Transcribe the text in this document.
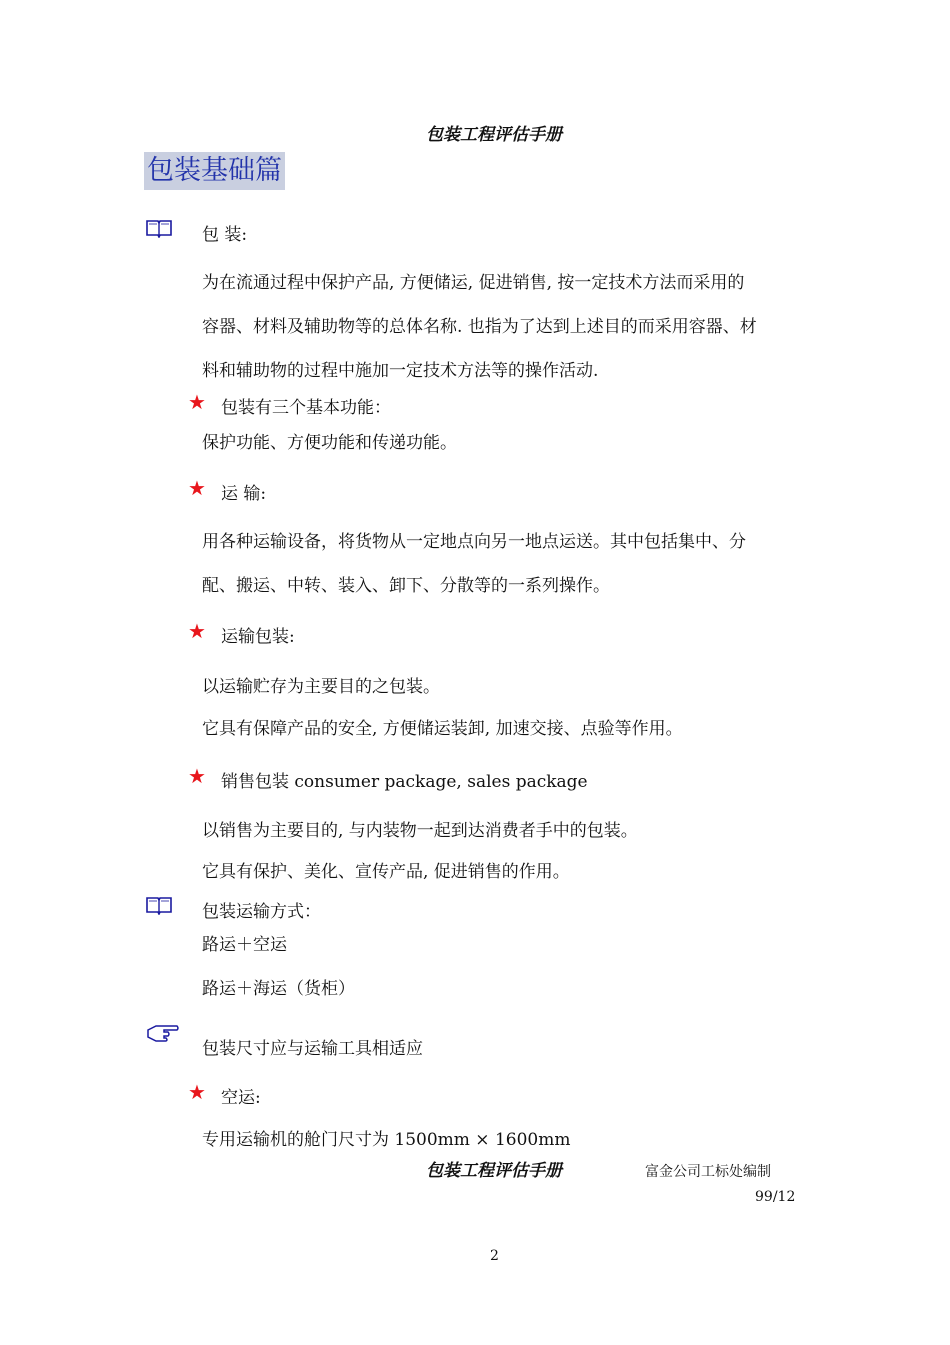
包装工程评估手册
包装基础篇
包 装:
为在流通过程中保护产品, 方便储运, 促进销售, 按一定技术方法而采用的
容器、材料及辅助物等的总体名称. 也指为了达到上述目的而采用容器、材
料和辅助物的过程中施加一定技术方法等的操作活动.
★ 包装有三个基本功能：
保护功能、方便功能和传递功能。
★ 运 输:
用各种运输设备，将货物从一定地点向另一地点运送。其中包括集中、分
配、搬运、中转、装入、卸下、分散等的一系列操作。
★ 运输包装:
以运输贮存为主要目的之包装。
它具有保障产品的安全, 方便储运装卸, 加速交接、点验等作用。
★ 销售包装 consumer package, sales package
以销售为主要目的, 与内装物一起到达消费者手中的包装。
它具有保护、美化、宣传产品, 促进销售的作用。
包装运输方式：
路运＋空运
路运＋海运（货柜）
包装尺寸应与运输工具相适应
★ 空运:
专用运输机的舱门尺寸为 1500mm × 1600mm
包装工程评估手册	富金公司工标处编制
99/12
2
